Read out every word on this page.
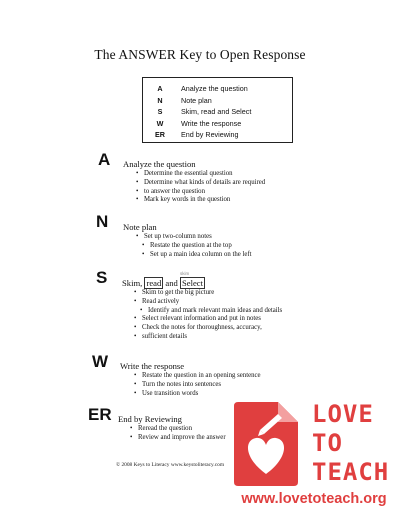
The ANSWER Key to Open Response
A	Analyze the question
N	Note plan
S	Skim, read and Select
W	Write the response
ER End by Reviewing
A Analyze the question
• Determine the essential question
• Determine what kinds of details are required
• to answer the question
• Mark key words in the question
N Note plan
• Set up two-column notes
• Restate the question at the top
• Set up a main idea column on the left
S	skim
Skim, read and Select
• Skim to get the big picture
• Read actively
• Identify and mark relevant main ideas and details
• Select relevant information and put in notes
• Check the notes for thoroughness, accuracy,
• sufficient details
W Write the response
• Restate the question in an opening sentence
• Turn the notes into sentences
• Use transition words
ER End by Reviewing
• Reread the question
• Review and improve the answer
© 2008 Keys to Literacy www.keystoliteracy.com
LOVE
TO
TEACH
www.lovetoteach.org
